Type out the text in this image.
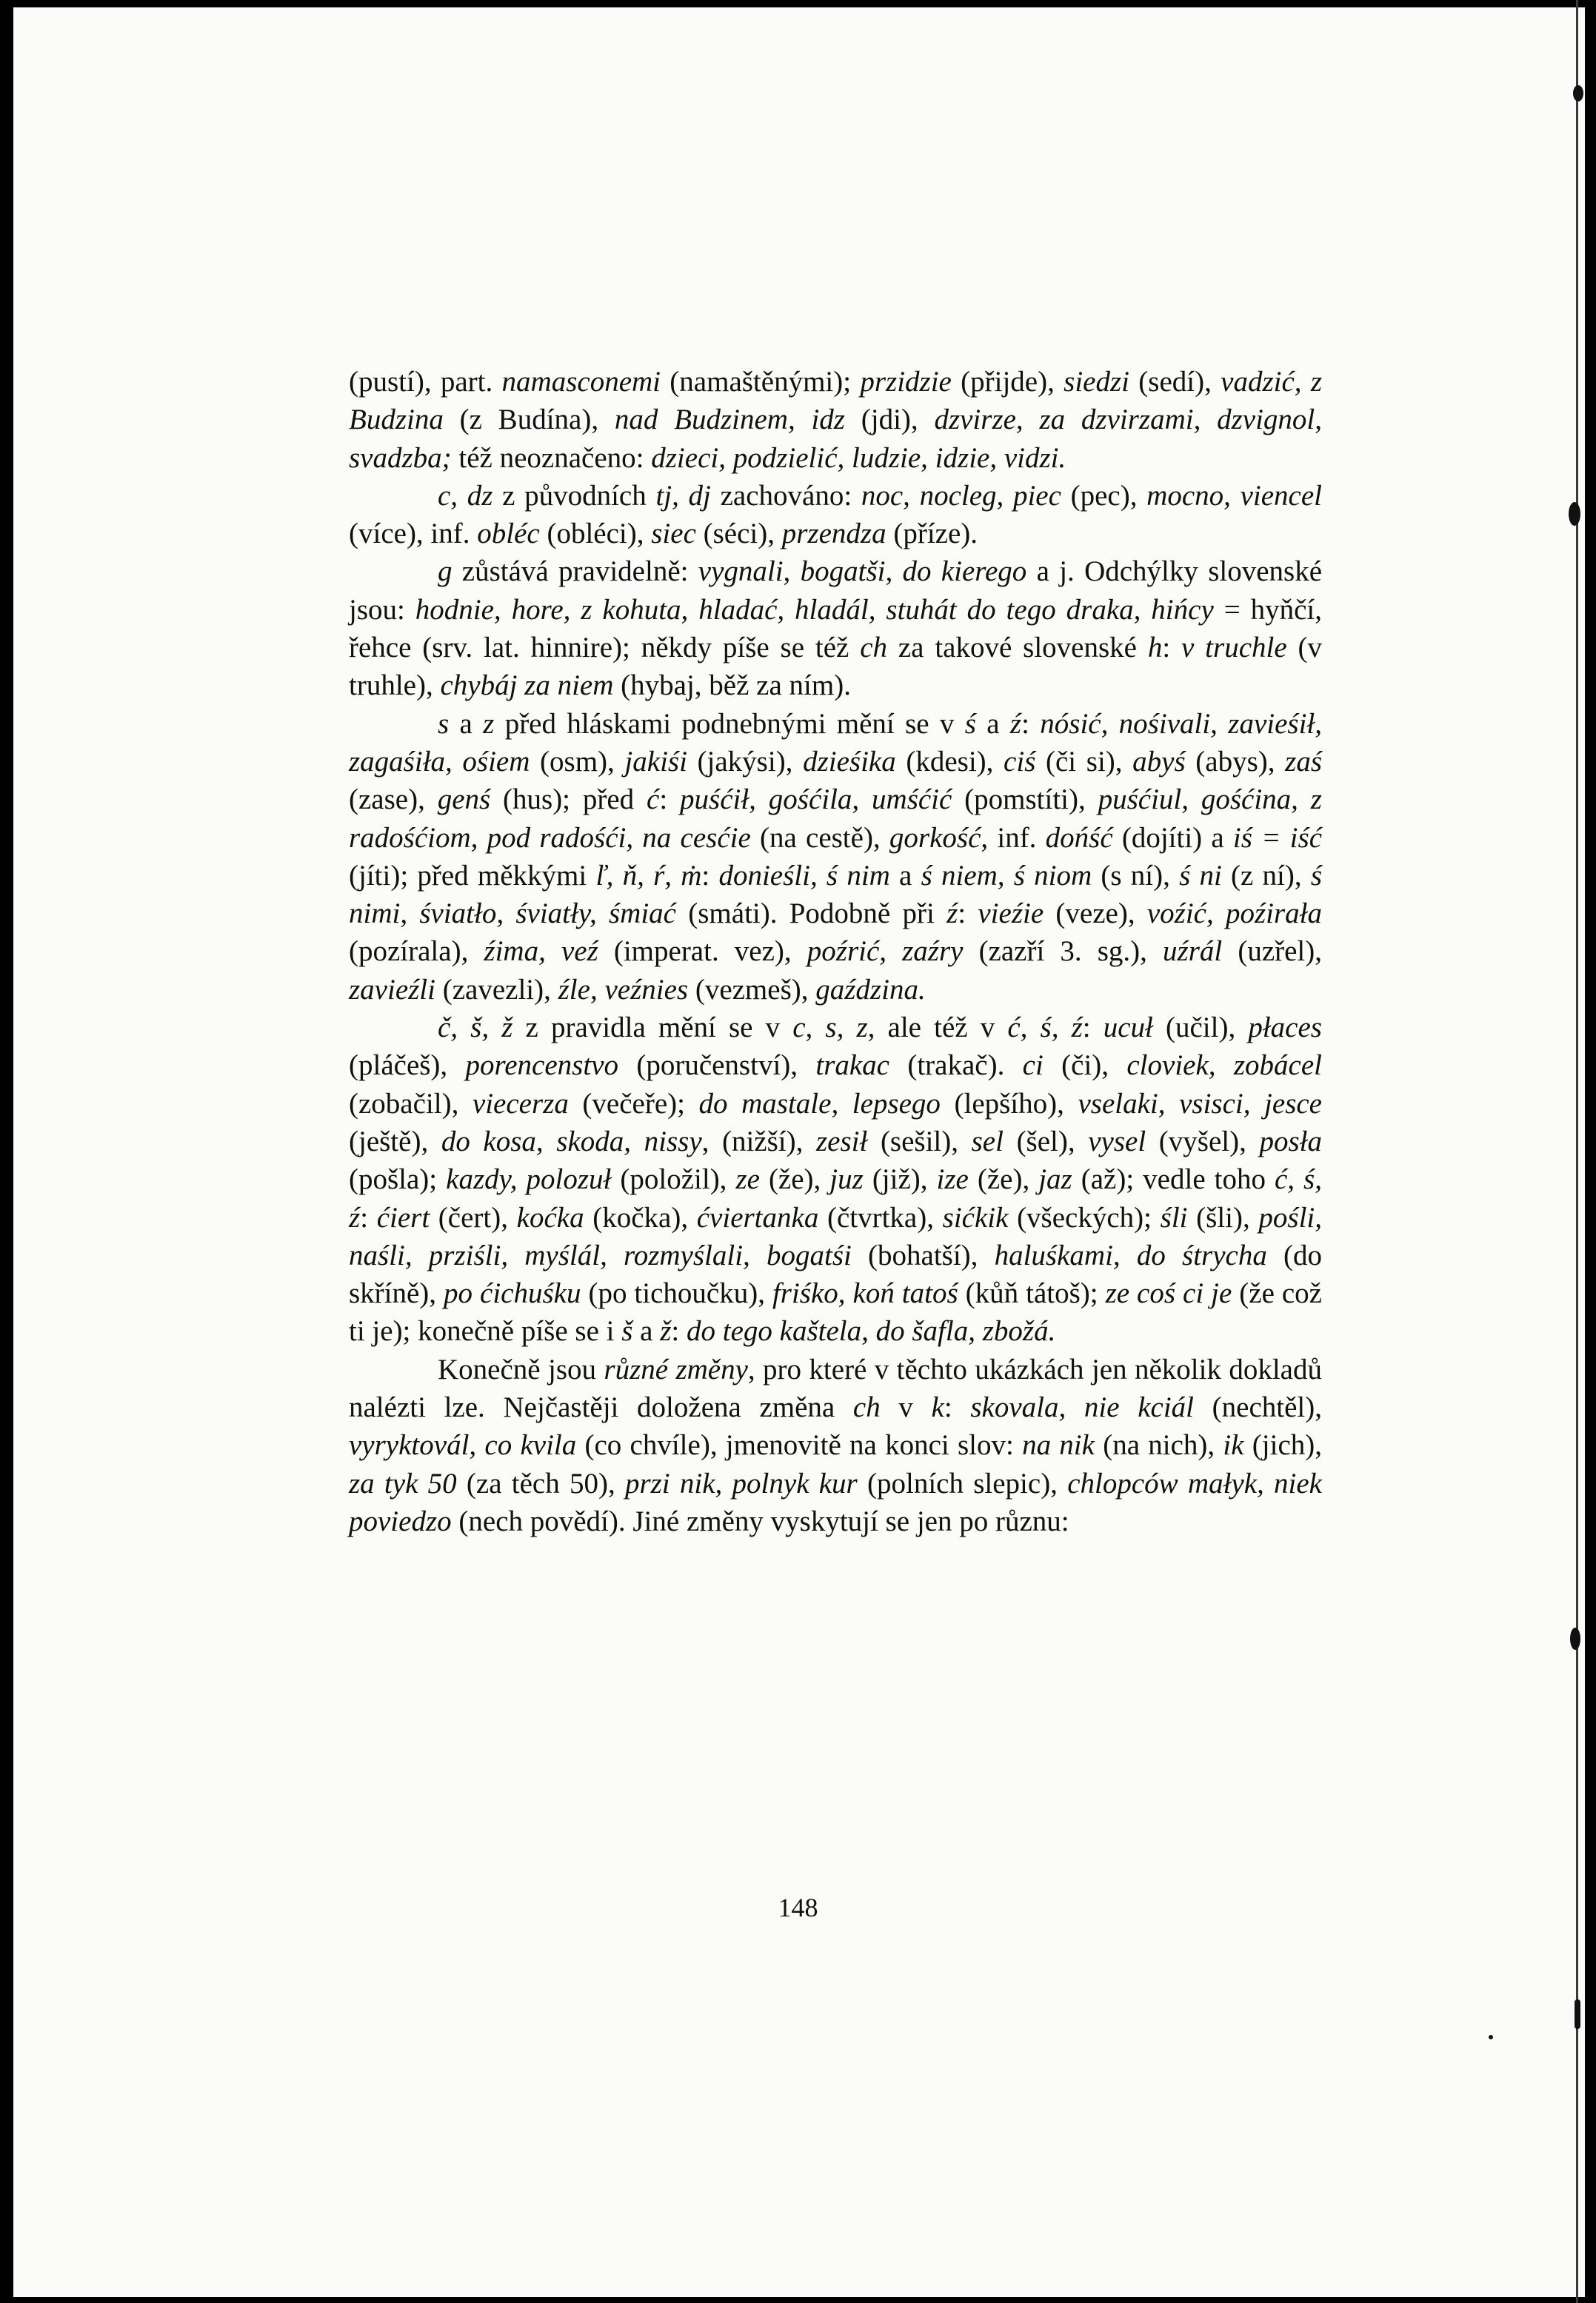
(pustí), part. namasconemi (namaštěnými); przidzie (přijde), siedzi (sedí), vadzić, z Budzina (z Budína), nad Budzinem, idz (jdi), dzvirze, za dzvirzami, dzvignol, svadzba; též neoznačeno: dzieci, podzielić, ludzie, idzie, vidzi.

c, dz z původních tj, dj zachováno: noc, nocleg, piec (pec), mocno, viencel (více), inf. obléc (obléci), siec (séci), przendza (příze).

g zůstává pravidelně: vygnali, bogatši, do kierego a j. Odchýlky slovenské jsou: hodnie, hore, z kohuta, hladać, hladál, stuhát do tego draka, hińcy = hyňčí, řehce (srv. lat. hinnire); někdy píše se též ch za takové slovenské h: v truchle (v truhle), chybáj za niem (hybaj, běž za ním).

s a z před hláskami podnebnými mění se v ś a ź: nósić, nośivali, zavieśił, zagaśiła, ośiem (osm), jakiśi (jakýsi), dzieśika (kdesi), ciś (či si), abyś (abys), zaś (zase), genś (hus); před ć: puśćił, gośćila, umśćić (pomstíti), puśćiul, gośćina, z radośćiom, pod radośći, na cesćie (na cestě), gorkość, inf. dońść (dojíti) a iś = iść (jíti); před měkkými ľ, ň, ŕ, ṁ: donieśli, ś nim a ś niem, ś niom (s ní), ś ni (z ní), ś nimi, śviatło, śviatły, śmiać (smáti). Podobně při ź: vieźie (veze), voźić, poźirała (pozírala), źima, veź (imperat. vez), poźrić, zaźry (zazří 3. sg.), uźrál (uzřel), zavieźli (zavezli), źle, veźnies (vezmeš), gaździna.

č, š, ž z pravidla mění se v c, s, z, ale též v ć, ś, ź: ucuł (učil), płaces (pláčeš), porencenstvo (poručenství), trakac (trakač). ci (či), cloviek, zobácel (zobačil), viecerza (večeře); do mastale, lepsego (lepšího), vselaki, vsisci, jesce (ještě), do kosa, skoda, nissy, (nižší), zesił (sešil), sel (šel), vysel (vyšel), posła (pošla); kazdy, polozuł (položil), ze (že), juz (již), ize (že), jaz (až); vedle toho ć, ś, ź: ćiert (čert), koćka (kočka), ćviertanka (čtvrtka), sićkik (všeckých); śli (šli), pośli, naśli, prziśli, myślál, rozmyślali, bogatśi (bohatší), haluśkami, do śtrycha (do skříně), po ćichuśku (po tichoučku), friśko, koń tatoś (kůň tátoš); ze coś ci je (že což ti je); konečně píše se i š a ž: do tego kaštela, do šafla, zbožá.

Konečně jsou různé změny, pro které v těchto ukázkách jen několik dokladů nalézti lze. Nejčastěji doložena změna ch v k: skovala, nie kciál (nechtěl), vyryktovál, co kvila (co chvíle), jmenovitě na konci slov: na nik (na nich), ik (jich), za tyk 50 (za těch 50), przi nik, polnyk kur (polních slepic), chlopców małyk, niek poviedzo (nech povědí). Jiné změny vyskytují se jen po různu:

148
